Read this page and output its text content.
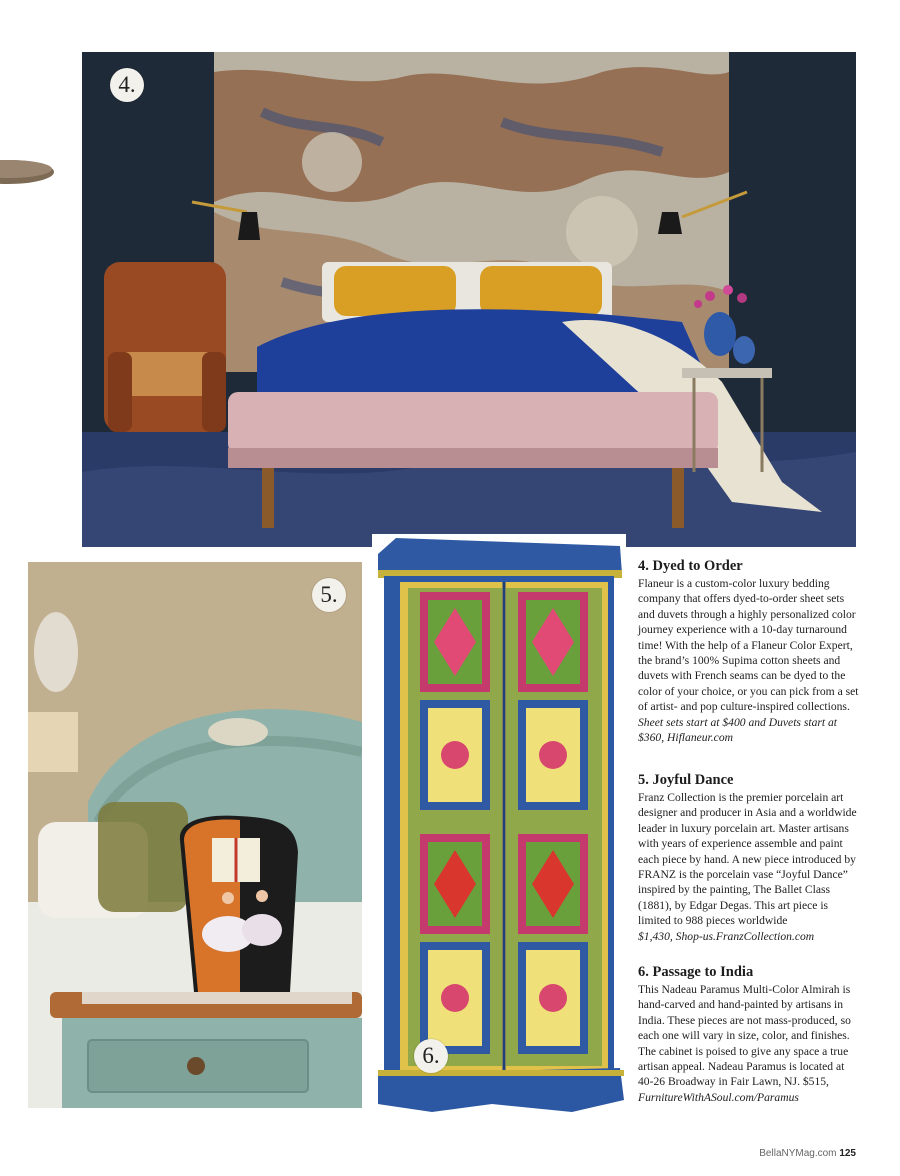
4.
5.
6.
4. Dyed to Order

Flaneur is a custom-color luxury bedding company that offers dyed-to-order sheet sets and duvets through a highly personalized color journey experience with a 10-day turnaround time! With the help of a Flaneur Color Expert, the brand’s 100% Supima cotton sheets and duvets with French seams can be dyed to the color of your choice, or you can pick from a set of artist- and pop culture-inspired collections.
Sheet sets start at $400 and Duvets start at $360, Hiflaneur.com

5. Joyful Dance

Franz Collection is the premier porcelain art designer and producer in Asia and a worldwide leader in luxury porcelain art. Master artisans with years of experience assemble and paint each piece by hand. A new piece introduced by FRANZ is the porcelain vase “Joyful Dance” inspired by the painting, The Ballet Class (1881), by Edgar Degas. This art piece is limited to 988 pieces worldwide
$1,430, Shop-us.FranzCollection.com

6. Passage to India

This Nadeau Paramus Multi-Color Almirah is hand-carved and hand-painted by artisans in India. These pieces are not mass-produced, so each one will vary in size, color, and finishes. The cabinet is poised to give any space a true artisan appeal. Nadeau Paramus is located at 40-26 Broadway in Fair Lawn, NJ. $515,
FurnitureWithASoul.com/Paramus

BellaNYMag.com 125
